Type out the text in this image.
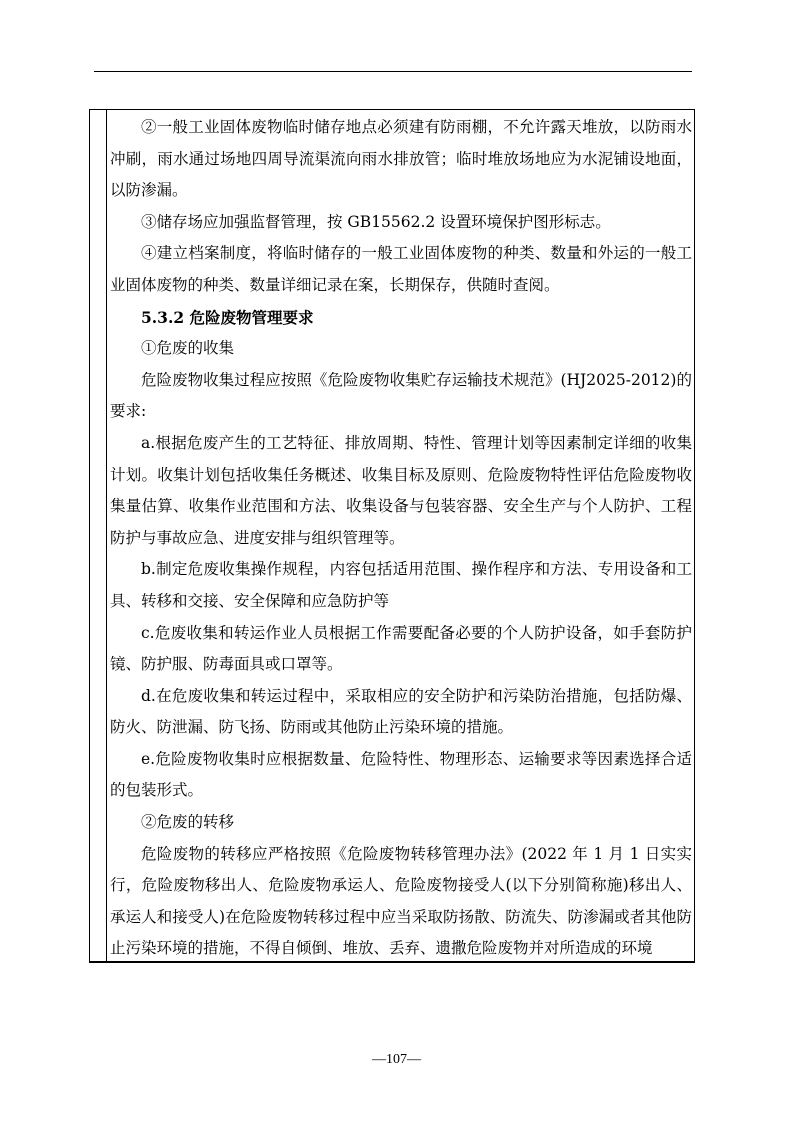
②一般工业固体废物临时储存地点必须建有防雨棚，不允许露天堆放，以防雨水冲刷，雨水通过场地四周导流渠流向雨水排放管；临时堆放场地应为水泥铺设地面，以防渗漏。

③储存场应加强监督管理，按 GB15562.2 设置环境保护图形标志。

④建立档案制度，将临时储存的一般工业固体废物的种类、数量和外运的一般工业固体废物的种类、数量详细记录在案，长期保存，供随时查阅。

5.3.2 危险废物管理要求

①危废的收集

危险废物收集过程应按照《危险废物收集贮存运输技术规范》(HJ2025-2012)的要求:

a.根据危废产生的工艺特征、排放周期、特性、管理计划等因素制定详细的收集计划。收集计划包括收集任务概述、收集目标及原则、危险废物特性评估危险废物收集量估算、收集作业范围和方法、收集设备与包装容器、安全生产与个人防护、工程防护与事故应急、进度安排与组织管理等。

b.制定危废收集操作规程，内容包括适用范围、操作程序和方法、专用设备和工具、转移和交接、安全保障和应急防护等

c.危废收集和转运作业人员根据工作需要配备必要的个人防护设备，如手套防护镜、防护服、防毒面具或口罩等。

d.在危废收集和转运过程中，采取相应的安全防护和污染防治措施，包括防爆、防火、防泄漏、防飞扬、防雨或其他防止污染环境的措施。

e.危险废物收集时应根据数量、危险特性、物理形态、运输要求等因素选择合适的包装形式。

②危废的转移

危险废物的转移应严格按照《危险废物转移管理办法》(2022 年 1 月 1 日实实行，危险废物移出人、危险废物承运人、危险废物接受人(以下分别简称施)移出人、承运人和接受人)在危险废物转移过程中应当采取防扬散、防流失、防渗漏或者其他防止污染环境的措施，不得自倾倒、堆放、丢弃、遗撒危险废物并对所造成的环境

—107—
